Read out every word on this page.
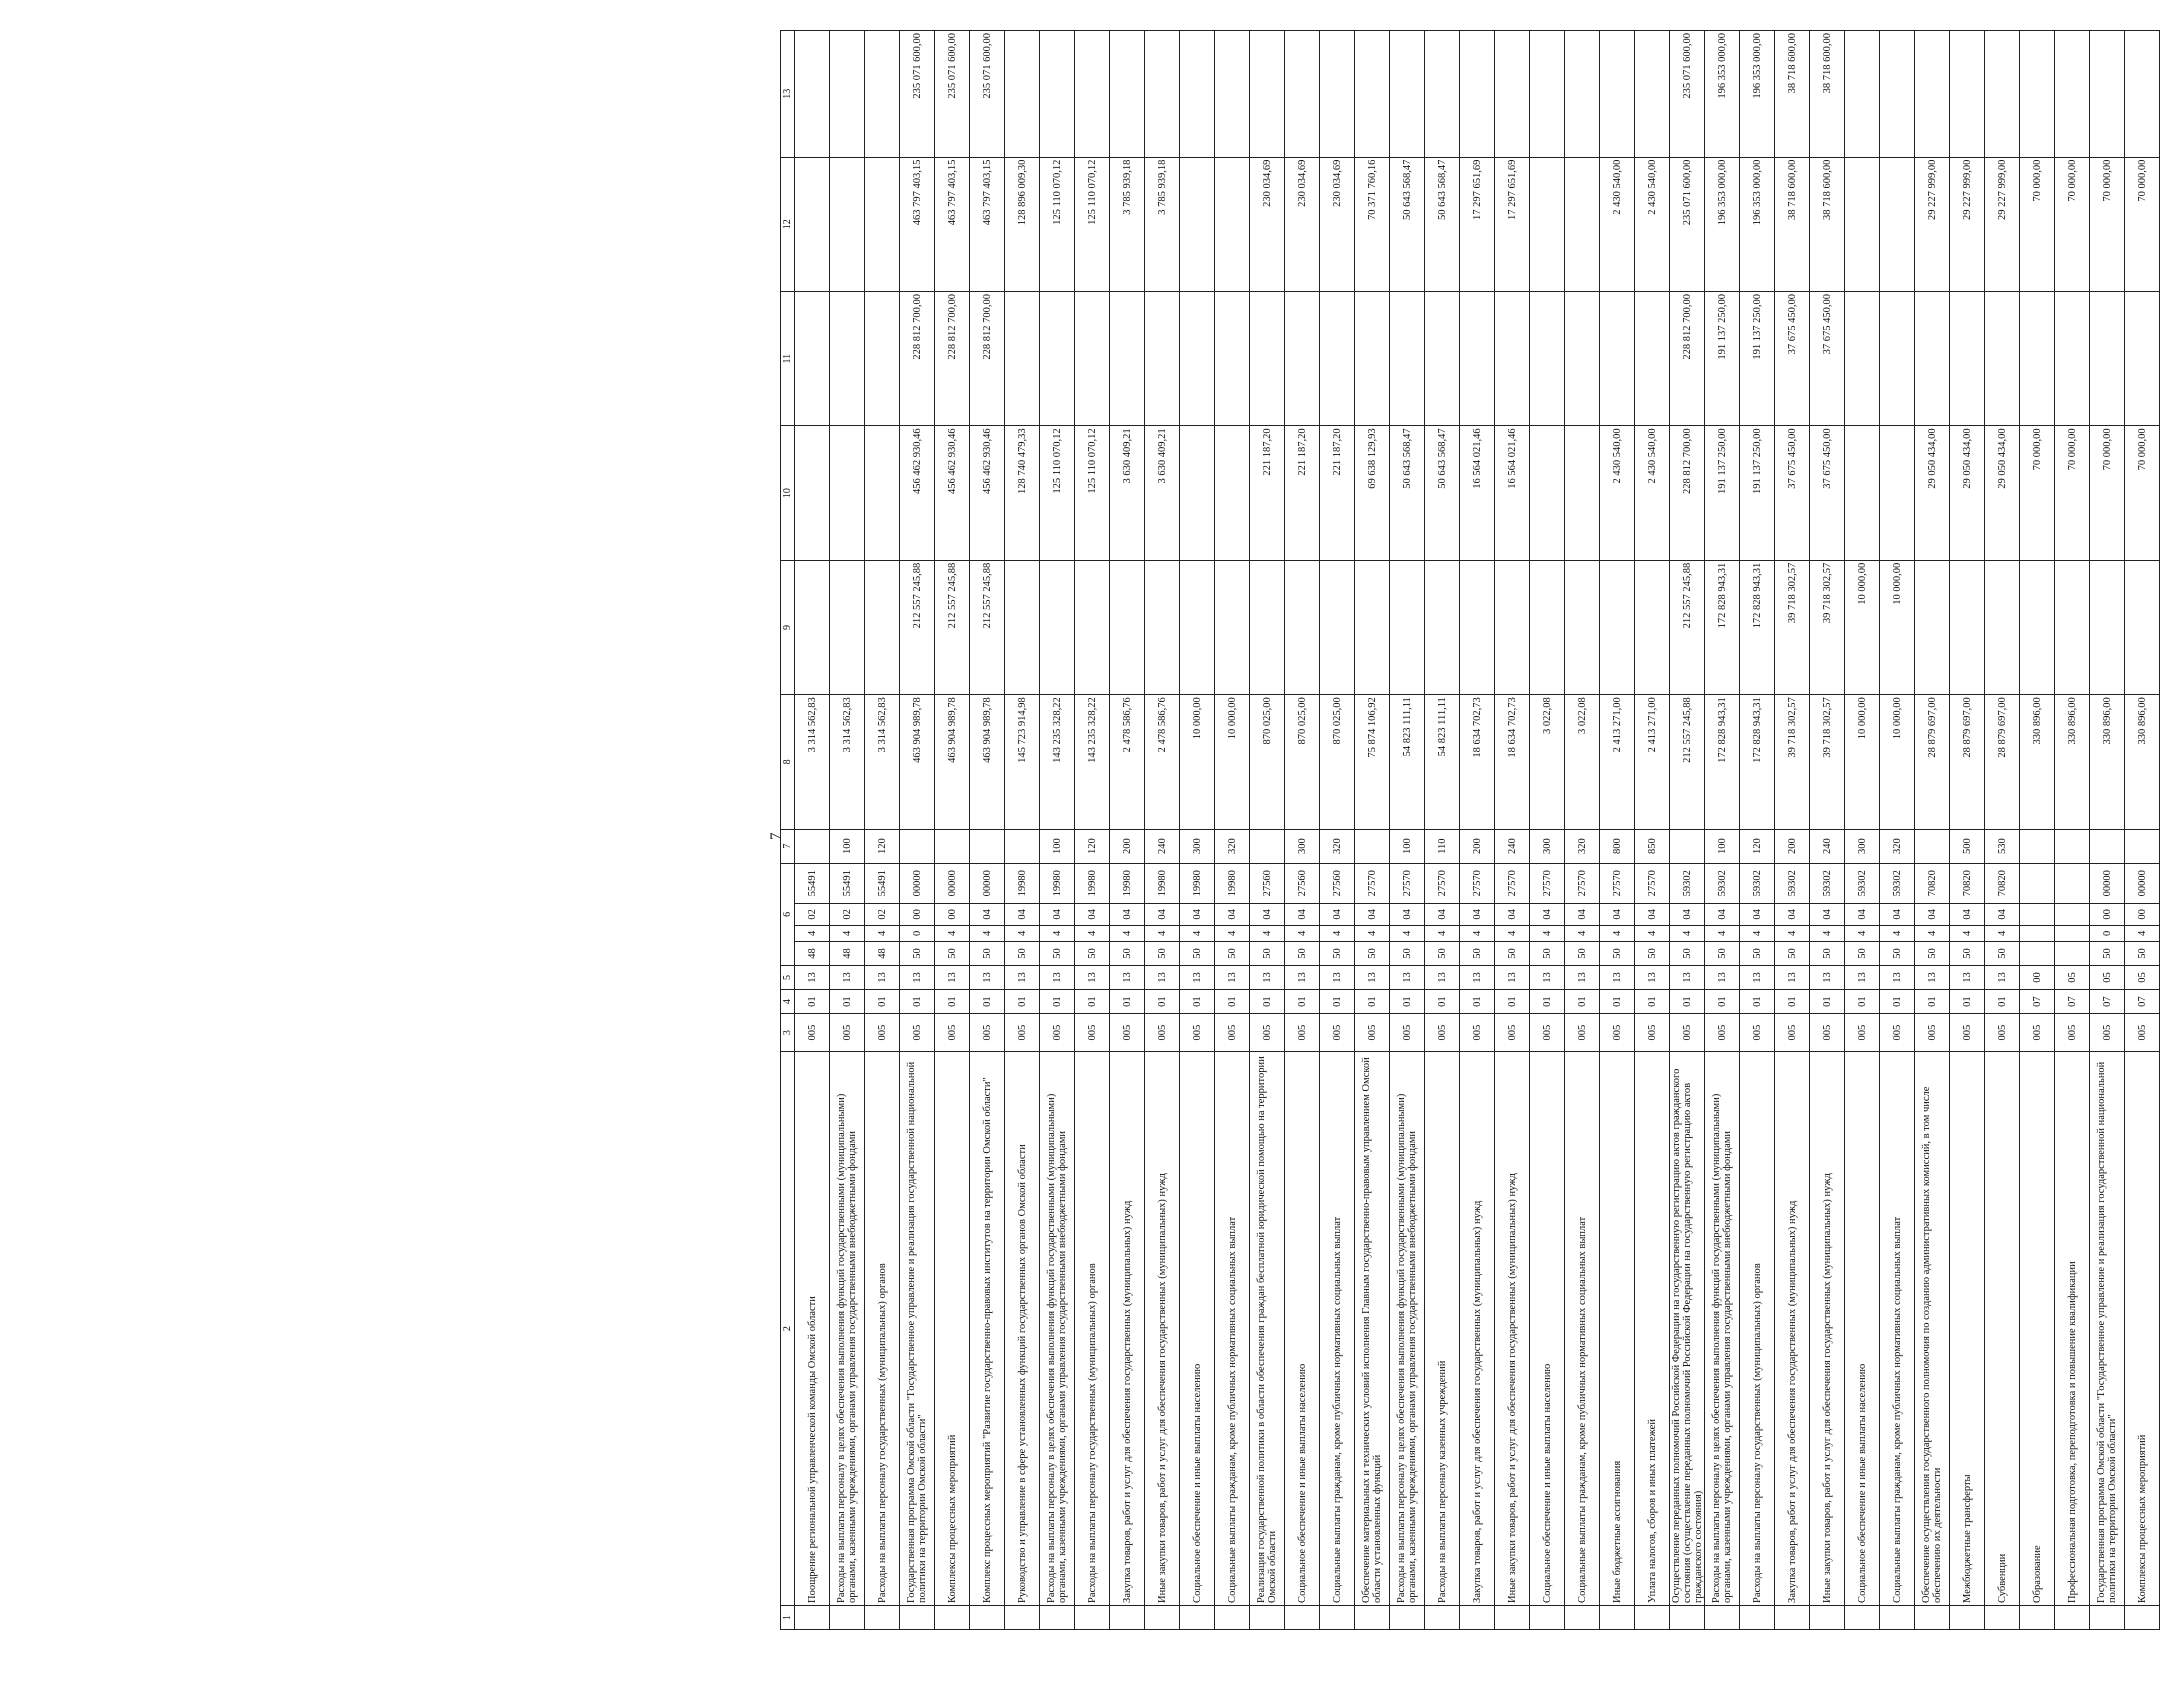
7
1	2	3	4	5	6				7	8	9	10	11	12	13
	Поощрение региональной управленческой команды Омской области	005	01	13	48	4	02	55491		3 314 562,83					
	Расходы на выплаты персоналу в целях обеспечения выполнения функций государственными (муниципальными) органами, казенными учреждениями, органами управления государственными внебюджетными фондами	005	01	13	48	4	02	55491	100	3 314 562,83					
	Расходы на выплаты персоналу государственных (муниципальных) органов	005	01	13	48	4	02	55491	120	3 314 562,83					
	Государственная программа Омской области "Государственное управление и реализация государственной национальной политики на территории Омской области"	005	01	13	50	0	00	00000		463 904 989,78	212 557 245,88	456 462 930,46	228 812 700,00	463 797 403,15	235 071 600,00
	Комплексы процессных мероприятий	005	01	13	50	4	00	00000		463 904 989,78	212 557 245,88	456 462 930,46	228 812 700,00	463 797 403,15	235 071 600,00
	Комплекс процессных мероприятий "Развитие государственно-правовых институтов на территории Омской области"	005	01	13	50	4	04	00000		463 904 989,78	212 557 245,88	456 462 930,46	228 812 700,00	463 797 403,15	235 071 600,00
	Руководство и управление в сфере установленных функций государственных органов Омской области	005	01	13	50	4	04	19980		145 723 914,98		128 740 479,33		128 896 009,30	
	Расходы на выплаты персоналу в целях обеспечения выполнения функций государственными (муниципальными) органами, казенными учреждениями, органами управления государственными внебюджетными фондами	005	01	13	50	4	04	19980	100	143 235 328,22		125 110 070,12		125 110 070,12	
	Расходы на выплаты персоналу государственных (муниципальных) органов	005	01	13	50	4	04	19980	120	143 235 328,22		125 110 070,12		125 110 070,12	
	Закупка товаров, работ и услуг для обеспечения государственных (муниципальных) нужд	005	01	13	50	4	04	19980	200	2 478 586,76		3 630 409,21		3 785 939,18	
	Иные закупки товаров, работ и услуг для обеспечения государственных (муниципальных) нужд	005	01	13	50	4	04	19980	240	2 478 586,76		3 630 409,21		3 785 939,18	
	Социальное обеспечение и иные выплаты населению	005	01	13	50	4	04	19980	300	10 000,00					
	Социальные выплаты гражданам, кроме публичных нормативных социальных выплат	005	01	13	50	4	04	19980	320	10 000,00					
	Реализация государственной политики в области обеспечения граждан бесплатной юридической помощью на территории Омской области	005	01	13	50	4	04	27560		870 025,00		221 187,20		230 034,69	
	Социальное обеспечение и иные выплаты населению	005	01	13	50	4	04	27560	300	870 025,00		221 187,20		230 034,69	
	Социальные выплаты гражданам, кроме публичных нормативных социальных выплат	005	01	13	50	4	04	27560	320	870 025,00		221 187,20		230 034,69	
	Обеспечение материальных и технических условий исполнения Главным государственно-правовым управлением Омской области установленных функций	005	01	13	50	4	04	27570		75 874 106,92		69 638 129,93		70 371 760,16	
	Расходы на выплаты персоналу в целях обеспечения выполнения функций государственными (муниципальными) органами, казенными учреждениями, органами управления государственными внебюджетными фондами	005	01	13	50	4	04	27570	100	54 823 111,11		50 643 568,47		50 643 568,47	
	Расходы на выплаты персоналу казенных учреждений	005	01	13	50	4	04	27570	110	54 823 111,11		50 643 568,47		50 643 568,47	
	Закупка товаров, работ и услуг для обеспечения государственных (муниципальных) нужд	005	01	13	50	4	04	27570	200	18 634 702,73		16 564 021,46		17 297 651,69	
	Иные закупки товаров, работ и услуг для обеспечения государственных (муниципальных) нужд	005	01	13	50	4	04	27570	240	18 634 702,73		16 564 021,46		17 297 651,69	
	Социальное обеспечение и иные выплаты населению	005	01	13	50	4	04	27570	300	3 022,08					
	Социальные выплаты гражданам, кроме публичных нормативных социальных выплат	005	01	13	50	4	04	27570	320	3 022,08					
	Иные бюджетные ассигнования	005	01	13	50	4	04	27570	800	2 413 271,00		2 430 540,00		2 430 540,00	
	Уплата налогов, сборов и иных платежей	005	01	13	50	4	04	27570	850	2 413 271,00		2 430 540,00		2 430 540,00	
	Осуществление переданных полномочий Российской Федерации на государственную регистрацию актов гражданского состояния (осуществление переданных полномочий Российской Федерации на государственную регистрацию актов гражданского состояния)	005	01	13	50	4	04	59302		212 557 245,88	212 557 245,88	228 812 700,00	228 812 700,00	235 071 600,00	235 071 600,00
	Расходы на выплаты персоналу в целях обеспечения выполнения функций государственными (муниципальными) органами, казенными учреждениями, органами управления государственными внебюджетными фондами	005	01	13	50	4	04	59302	100	172 828 943,31	172 828 943,31	191 137 250,00	191 137 250,00	196 353 000,00	196 353 000,00
	Расходы на выплаты персоналу государственных (муниципальных) органов	005	01	13	50	4	04	59302	120	172 828 943,31	172 828 943,31	191 137 250,00	191 137 250,00	196 353 000,00	196 353 000,00
	Закупка товаров, работ и услуг для обеспечения государственных (муниципальных) нужд	005	01	13	50	4	04	59302	200	39 718 302,57	39 718 302,57	37 675 450,00	37 675 450,00	38 718 600,00	38 718 600,00
	Иные закупки товаров, работ и услуг для обеспечения государственных (муниципальных) нужд	005	01	13	50	4	04	59302	240	39 718 302,57	39 718 302,57	37 675 450,00	37 675 450,00	38 718 600,00	38 718 600,00
	Социальное обеспечение и иные выплаты населению	005	01	13	50	4	04	59302	300	10 000,00	10 000,00				
	Социальные выплаты гражданам, кроме публичных нормативных социальных выплат	005	01	13	50	4	04	59302	320	10 000,00	10 000,00				
	Обеспечение осуществления государственного полномочия по созданию административных комиссий, в том числе обеспечению их деятельности	005	01	13	50	4	04	70820		28 879 697,00		29 050 434,00		29 227 999,00	
	Межбюджетные трансферты	005	01	13	50	4	04	70820	500	28 879 697,00		29 050 434,00		29 227 999,00	
	Субвенции	005	01	13	50	4	04	70820	530	28 879 697,00		29 050 434,00		29 227 999,00	
	Образование	005	07	00						330 896,00		70 000,00		70 000,00	
	Профессиональная подготовка, переподготовка и повышение квалификации	005	07	05						330 896,00		70 000,00		70 000,00	
	Государственная программа Омской области "Государственное управление и реализация государственной национальной политики на территории Омской области"	005	07	05	50	0	00	00000		330 896,00		70 000,00		70 000,00	
	Комплексы процессных мероприятий	005	07	05	50	4	00	00000		330 896,00		70 000,00		70 000,00	
